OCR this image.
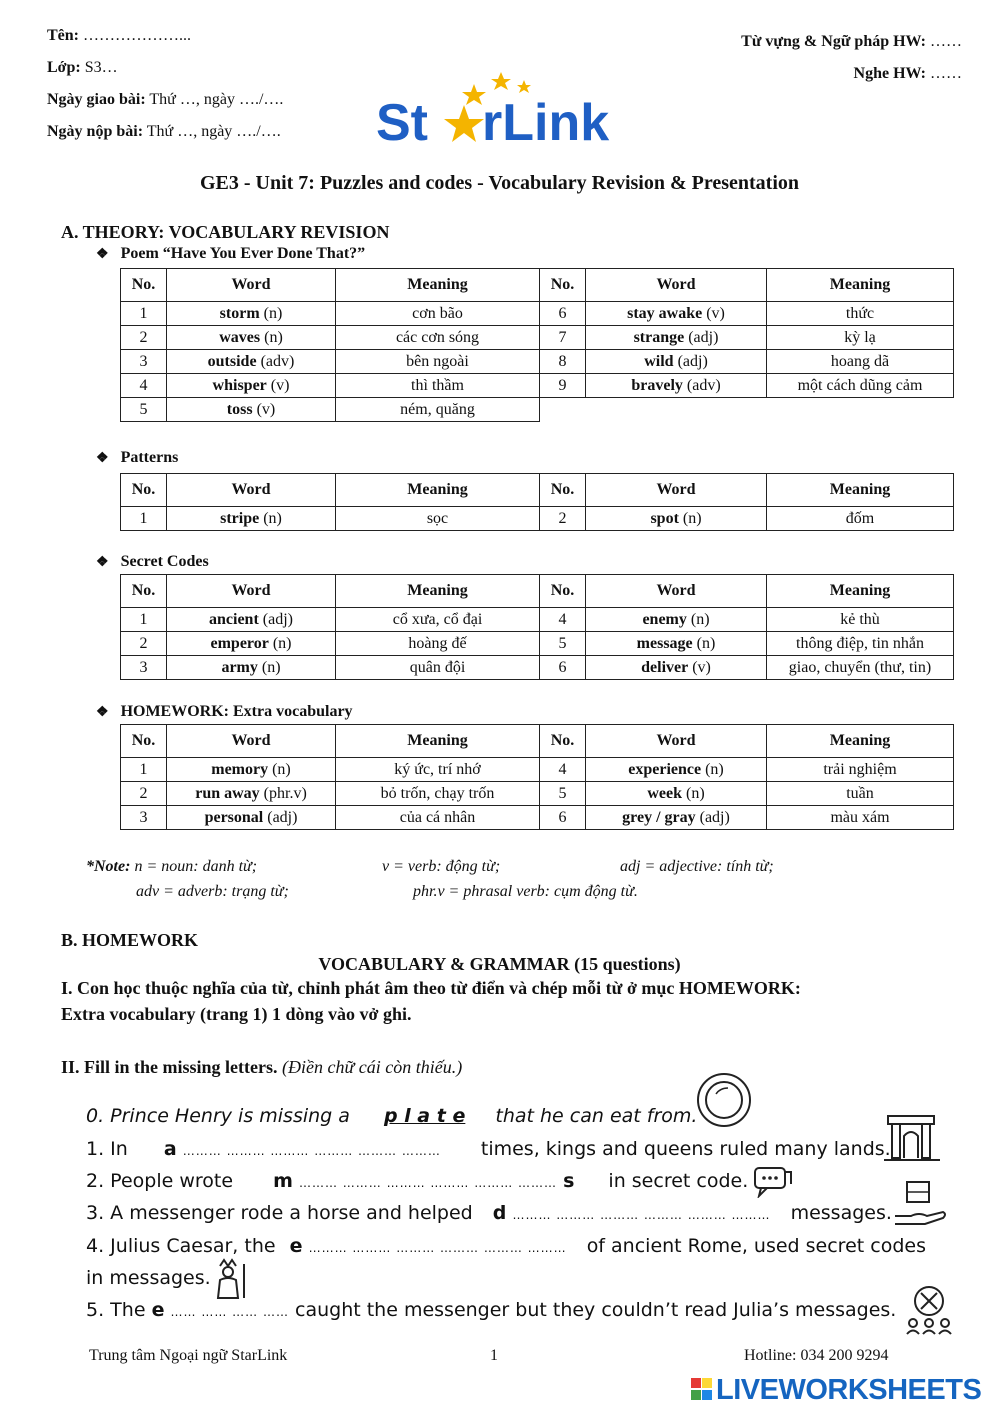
Tên: ………………...
Lớp: S3…
Ngày giao bài: Thứ …, ngày …./….
Ngày nộp bài: Thứ …, ngày …./….
Từ vựng & Ngữ pháp HW: ……
Nghe HW: ……
St rLink
GE3 - Unit 7: Puzzles and codes - Vocabulary Revision & Presentation
A. THEORY: VOCABULARY REVISION
❖ Poem “Have You Ever Done That?”
No.	Word	Meaning	No.	Word	Meaning
1	storm (n)	cơn bão	6	stay awake (v)	thức
2	waves (n)	các cơn sóng	7	strange (adj)	kỳ lạ
3	outside (adv)	bên ngoài	8	wild (adj)	hoang dã
4	whisper (v)	thì thầm	9	bravely (adv)	một cách dũng cảm
5	toss (v)	ném, quăng			
❖ Patterns
No.	Word	Meaning	No.	Word	Meaning
1	stripe (n)	sọc	2	spot (n)	đốm
❖ Secret Codes
No.	Word	Meaning	No.	Word	Meaning
1	ancient (adj)	cổ xưa, cổ đại	4	enemy (n)	kẻ thù
2	emperor (n)	hoàng đế	5	message (n)	thông điệp, tin nhắn
3	army (n)	quân đội	6	deliver (v)	giao, chuyển (thư, tin)
❖ HOMEWORK: Extra vocabulary
No.	Word	Meaning	No.	Word	Meaning
1	memory (n)	ký ức, trí nhớ	4	experience (n)	trải nghiệm
2	run away (phr.v)	bỏ trốn, chạy trốn	5	week (n)	tuần
3	personal (adj)	của cá nhân	6	grey / gray (adj)	màu xám
*Note: n = noun: danh từ;	v = verb: động từ;	adj = adjective: tính từ;
adv = adverb: trạng từ;	phr.v = phrasal verb: cụm động từ.
B. HOMEWORK
VOCABULARY & GRAMMAR (15 questions)
I. Con học thuộc nghĩa của từ, chỉnh phát âm theo từ điển và chép mỗi từ ở mục HOMEWORK:
Extra vocabulary (trang 1) 1 dòng vào vở ghi.
II. Fill in the missing letters. (Điền chữ cái còn thiếu.)
0. Prince Henry is missing a p l a t e that he can eat from.
1. In a ……… ……… ……… ……… ……… ……… times, kings and queens ruled many lands.
2. People wrote m ……… ……… ……… ……… ……… ……… s in secret code.
3. A messenger rode a horse and helped d ……… ……… ……… ……… ……… ……… messages.
4. Julius Caesar, the e ……… ……… ……… ……… ……… ……… of ancient Rome, used secret codes
in messages.
5. The e …… …… …… …… caught the messenger but they couldn’t read Julia’s messages.
Trung tâm Ngoại ngữ StarLink	1	Hotline: 034 200 9294
LIVEWORKSHEETS
